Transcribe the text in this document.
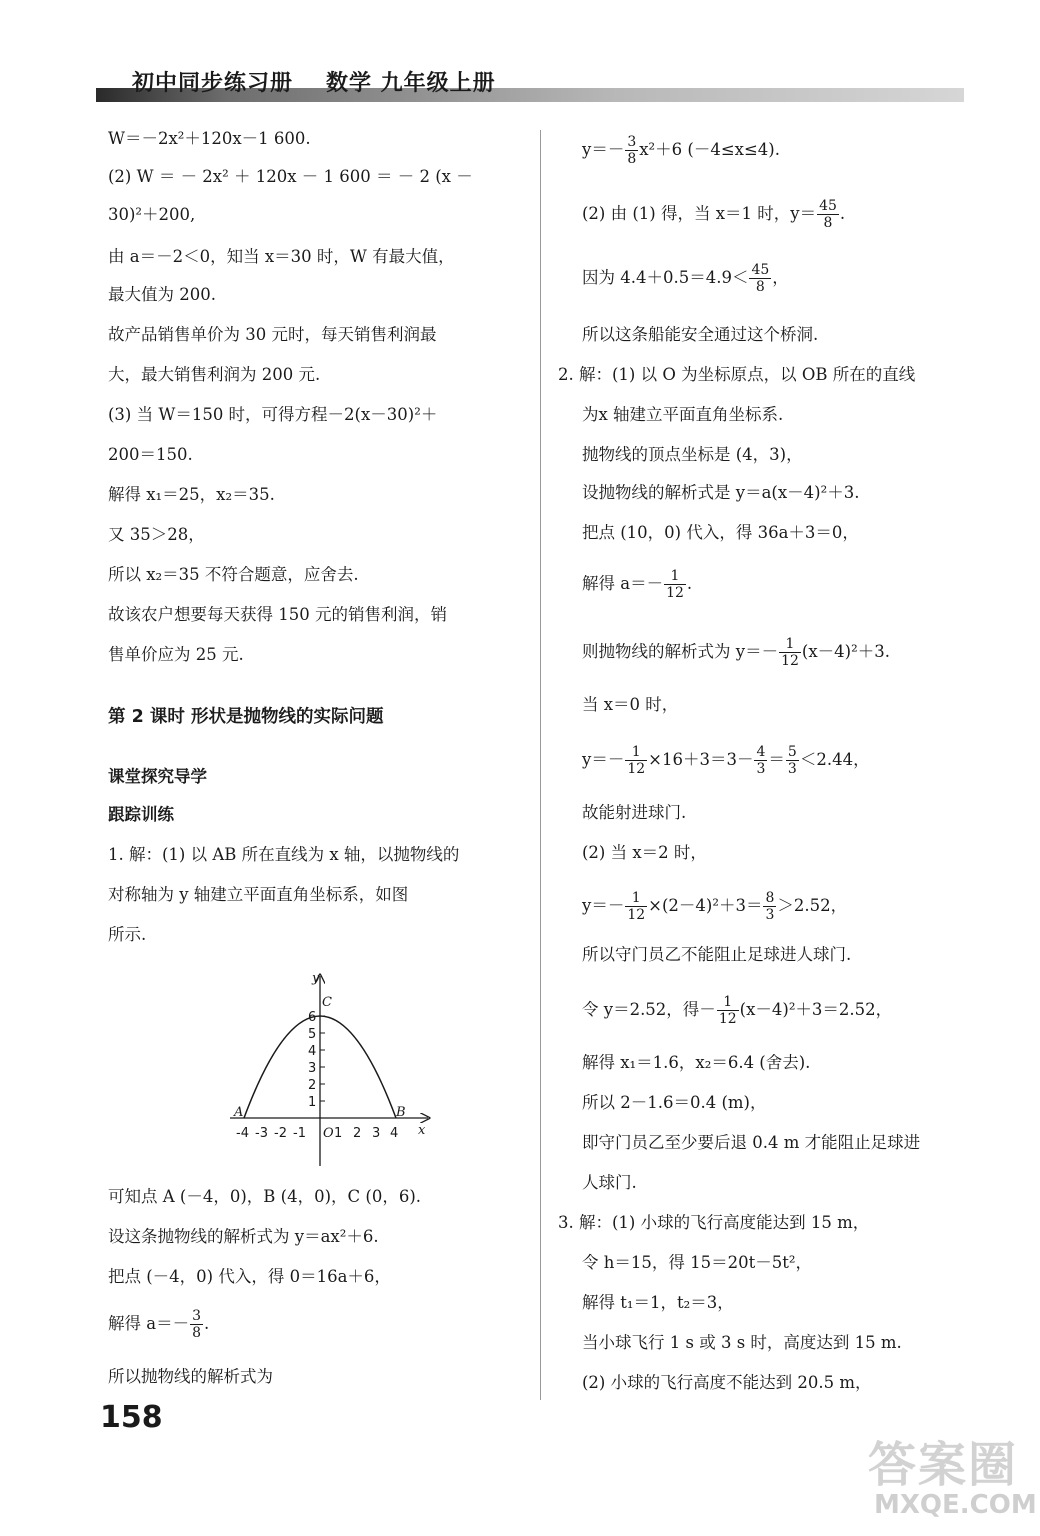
初中同步练习册 数学 九年级上册
W＝－2x²＋120x－1 600.
(2) W ＝ － 2x² ＋ 120x － 1 600 ＝ － 2 (x －
30)²＋200,
由 a＝－2＜0，知当 x＝30 时，W 有最大值，
最大值为 200.
故产品销售单价为 30 元时，每天销售利润最
大，最大销售利润为 200 元.
(3) 当 W＝150 时，可得方程－2(x－30)²＋
200＝150.
解得 x₁＝25，x₂＝35.
又 35＞28，
所以 x₂＝35 不符合题意，应舍去.
故该农户想要每天获得 150 元的销售利润，销
售单价应为 25 元.
第 2 课时 形状是抛物线的实际问题
课堂探究导学
跟踪训练
1. 解：(1) 以 AB 所在直线为 x 轴，以抛物线的
对称轴为 y 轴建立平面直角坐标系，如图
所示.
可知点 A (－4，0)，B (4，0)，C (0，6).
设这条抛物线的解析式为 y＝ax²＋6.
把点 (－4，0) 代入，得 0＝16a＋6，
解得 $a=- \frac{3}{8}$ .
所以抛物线的解析式为
1
2
3
4
5
6
-4 -3 -2 -1 1 2 3 4
O
y
x
A	B
C
$y=- \frac{3}{8} x^2+6$ (－4≤x≤4).
(2) 由 (1) 得，当 x＝1 时，$y= \frac{45}{8}$ .
因为 $4.4+0.5=4.9< \frac{45}{8}$ ，
所以这条船能安全通过这个桥洞.
2. 解：(1) 以 O 为坐标原点，以 OB 所在的直线
为x 轴建立平面直角坐标系.
抛物线的顶点坐标是 (4，3)，
设抛物线的解析式是 y＝a(x－4)²＋3.
把点 (10，0) 代入，得 36a＋3＝0，
解得 $a=- \frac{1}{12}$ .
则抛物线的解析式为 $y=- \frac{1}{12} (x-4)^2+3$.
当 x＝0 时，
$y=- \frac{1}{12} \times 16+3=3- \frac{4}{3} = \frac{5}{3} <2.44$，
故能射进球门.
(2) 当 x＝2 时，
$y=- \frac{1}{12} \times(2-4)^2+3= \frac{8}{3} >2.52$，
所以守门员乙不能阻止足球进人球门.
令 y＝2.52，得－ $\frac{1}{12} (x-4)^2+3=2.52$，
解得 x₁＝1.6，x₂＝6.4 (舍去).
所以 2－1.6＝0.4 (m)，
即守门员乙至少要后退 0.4 m 才能阻止足球进
人球门.
3. 解：(1) 小球的飞行高度能达到 15 m，
令 h＝15，得 15＝20t－5t²，
解得 t₁＝1，t₂＝3，
当小球飞行 1 s 或 3 s 时，高度达到 15 m.
(2) 小球的飞行高度不能达到 20.5 m，
158
答案圈
MXQE.COM
